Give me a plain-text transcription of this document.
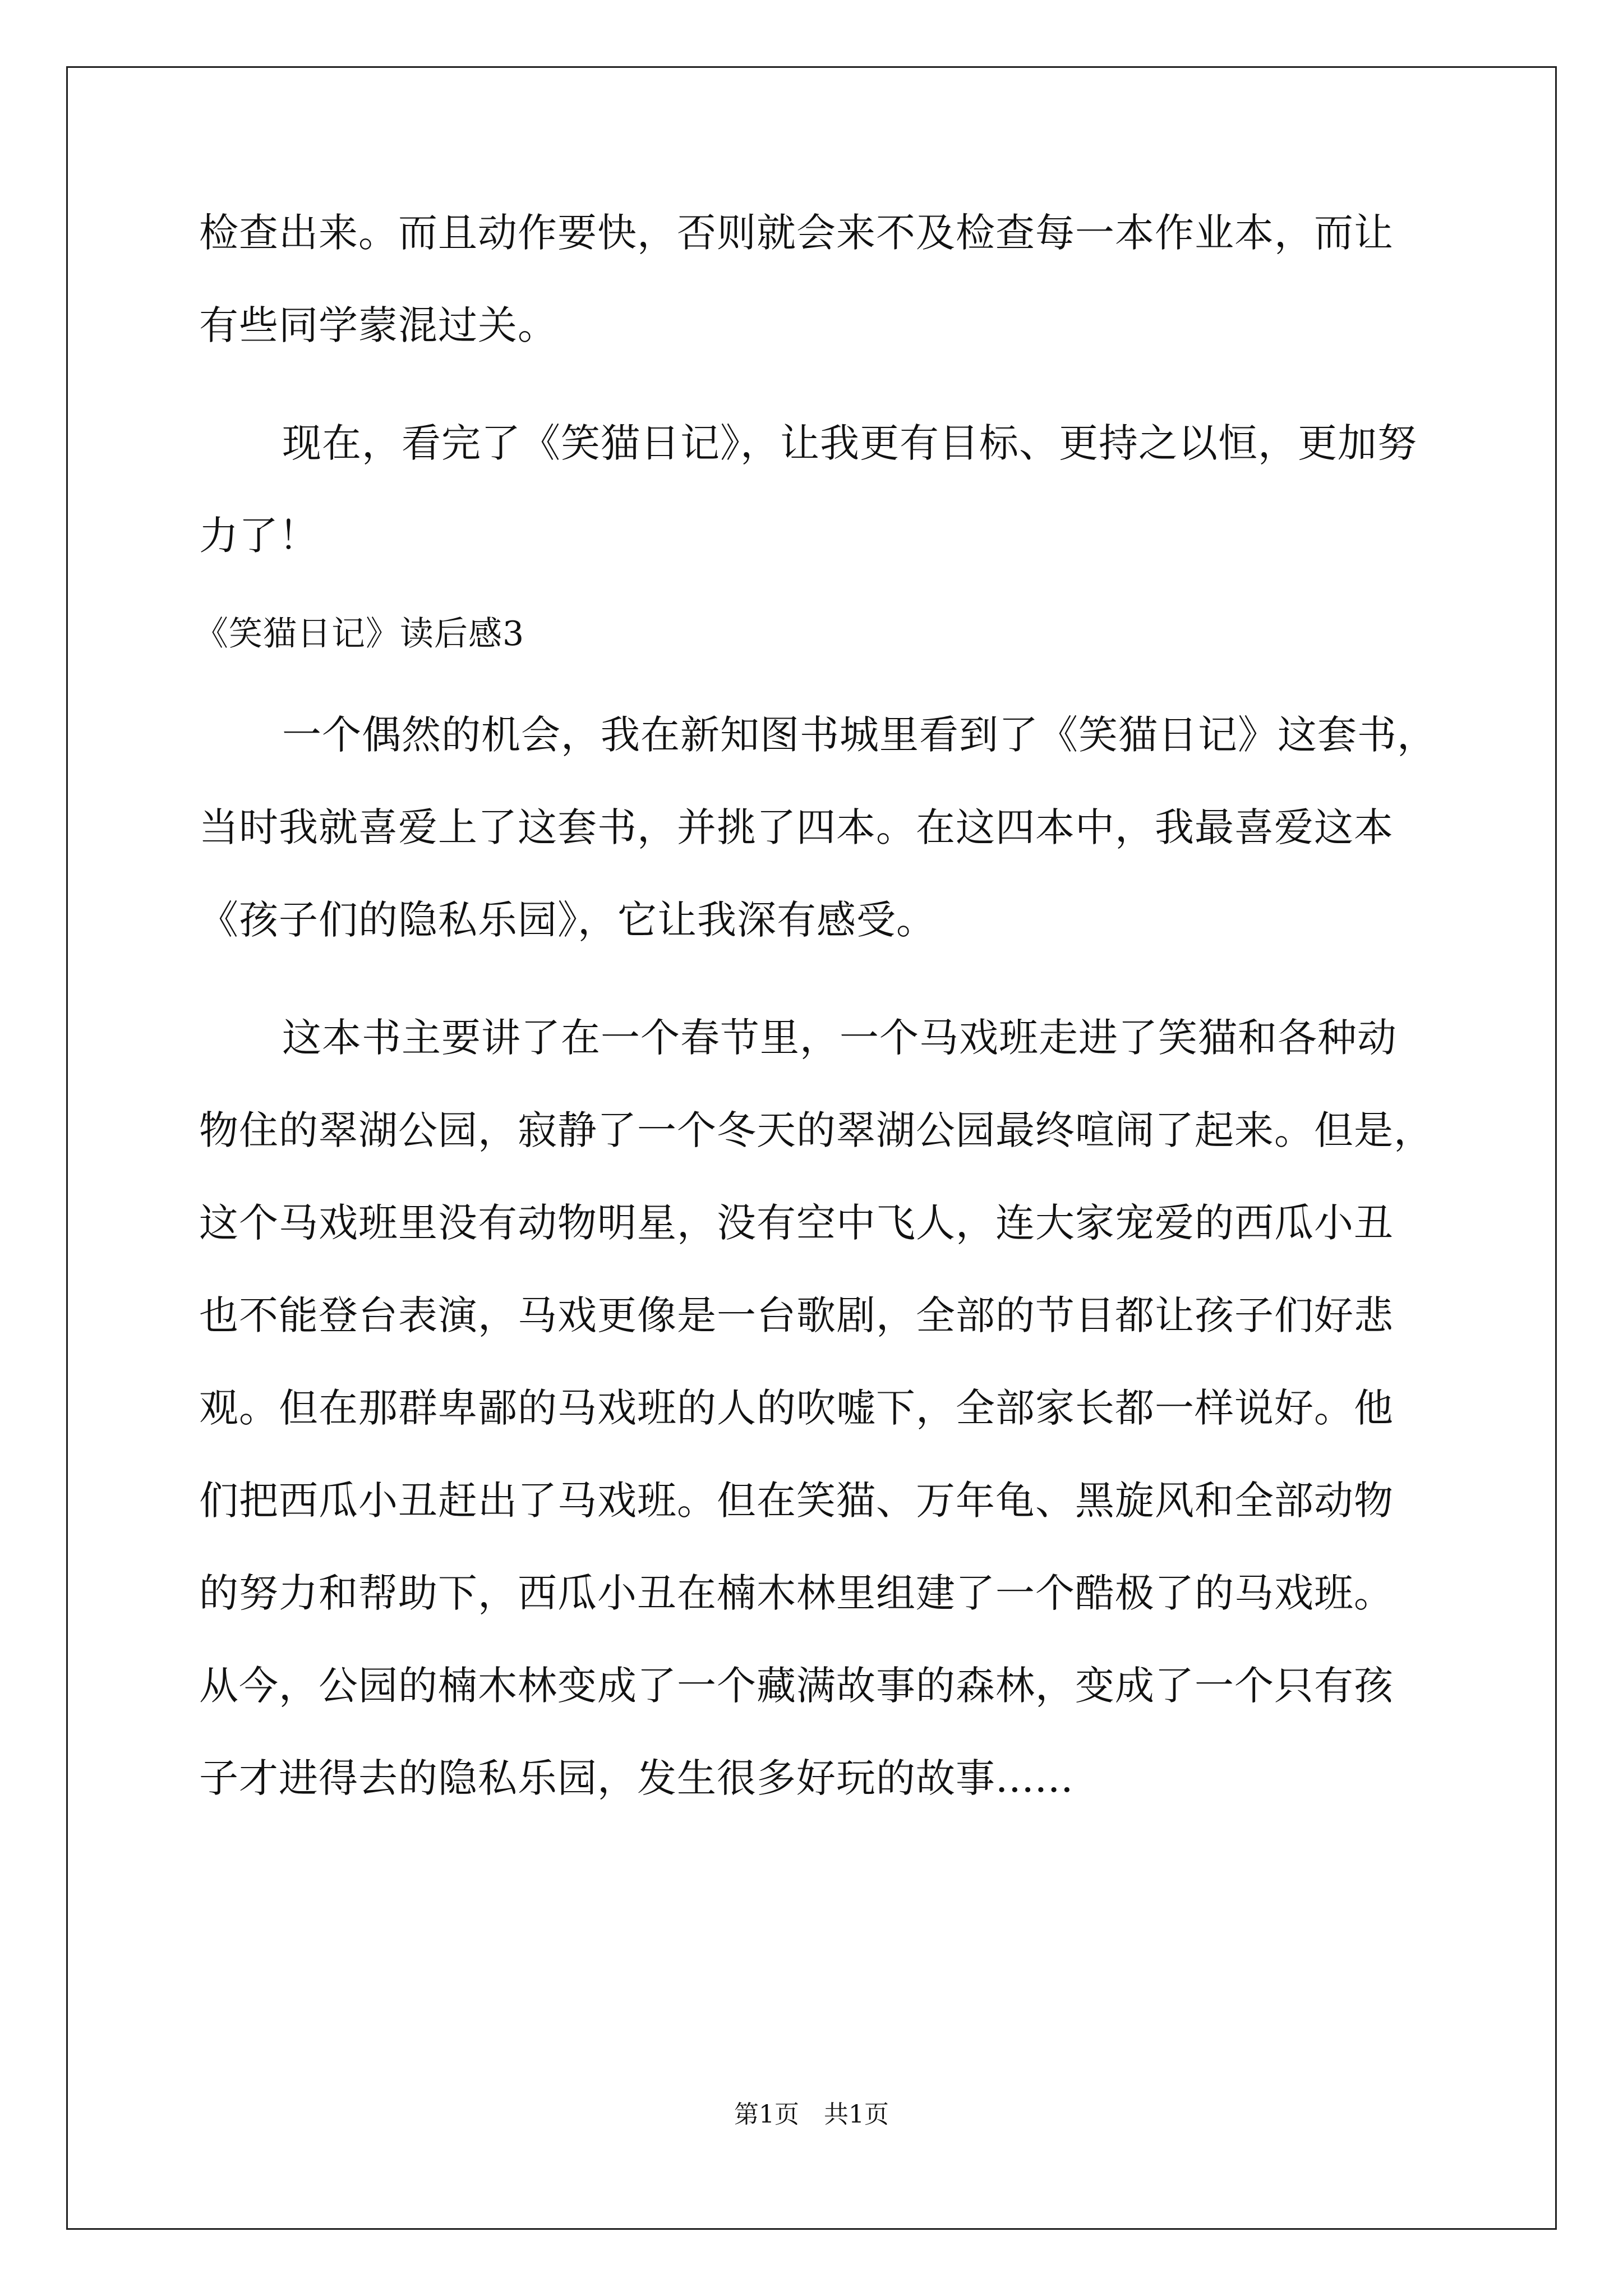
检查出来。而且动作要快，否则就会来不及检查每一本作业本，而让
有些同学蒙混过关。
现在，看完了《笑猫日记》，让我更有目标、更持之以恒，更加努
力了！
《笑猫日记》读后感3
一个偶然的机会，我在新知图书城里看到了《笑猫日记》这套书，
当时我就喜爱上了这套书，并挑了四本。在这四本中，我最喜爱这本
《孩子们的隐私乐园》，它让我深有感受。
这本书主要讲了在一个春节里，一个马戏班走进了笑猫和各种动
物住的翠湖公园，寂静了一个冬天的翠湖公园最终喧闹了起来。但是，
这个马戏班里没有动物明星，没有空中飞人，连大家宠爱的西瓜小丑
也不能登台表演，马戏更像是一台歌剧，全部的节目都让孩子们好悲
观。但在那群卑鄙的马戏班的人的吹嘘下，全部家长都一样说好。他
们把西瓜小丑赶出了马戏班。但在笑猫、万年龟、黑旋风和全部动物
的努力和帮助下，西瓜小丑在楠木林里组建了一个酷极了的马戏班。
从今，公园的楠木林变成了一个藏满故事的森林，变成了一个只有孩
子才进得去的隐私乐园，发生很多好玩的故事......
第1页　共1页
